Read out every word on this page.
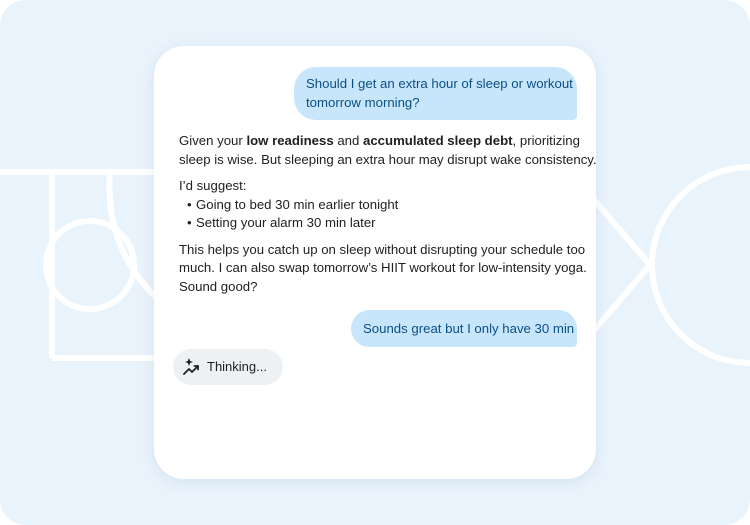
Should I get an extra hour of sleep or workout
tomorrow morning?

Given your low readiness and accumulated sleep debt, prioritizing

sleep is wise. But sleeping an extra hour may disrupt wake consistency.

I’d suggest:

• Going to bed 30 min earlier tonight
• Setting your alarm 30 min later

This helps you catch up on sleep without disrupting your schedule too

much. I can also swap tomorrow’s HIIT workout for low-intensity yoga.

Sound good?

Sounds great but I only have 30 min
Thinking...
